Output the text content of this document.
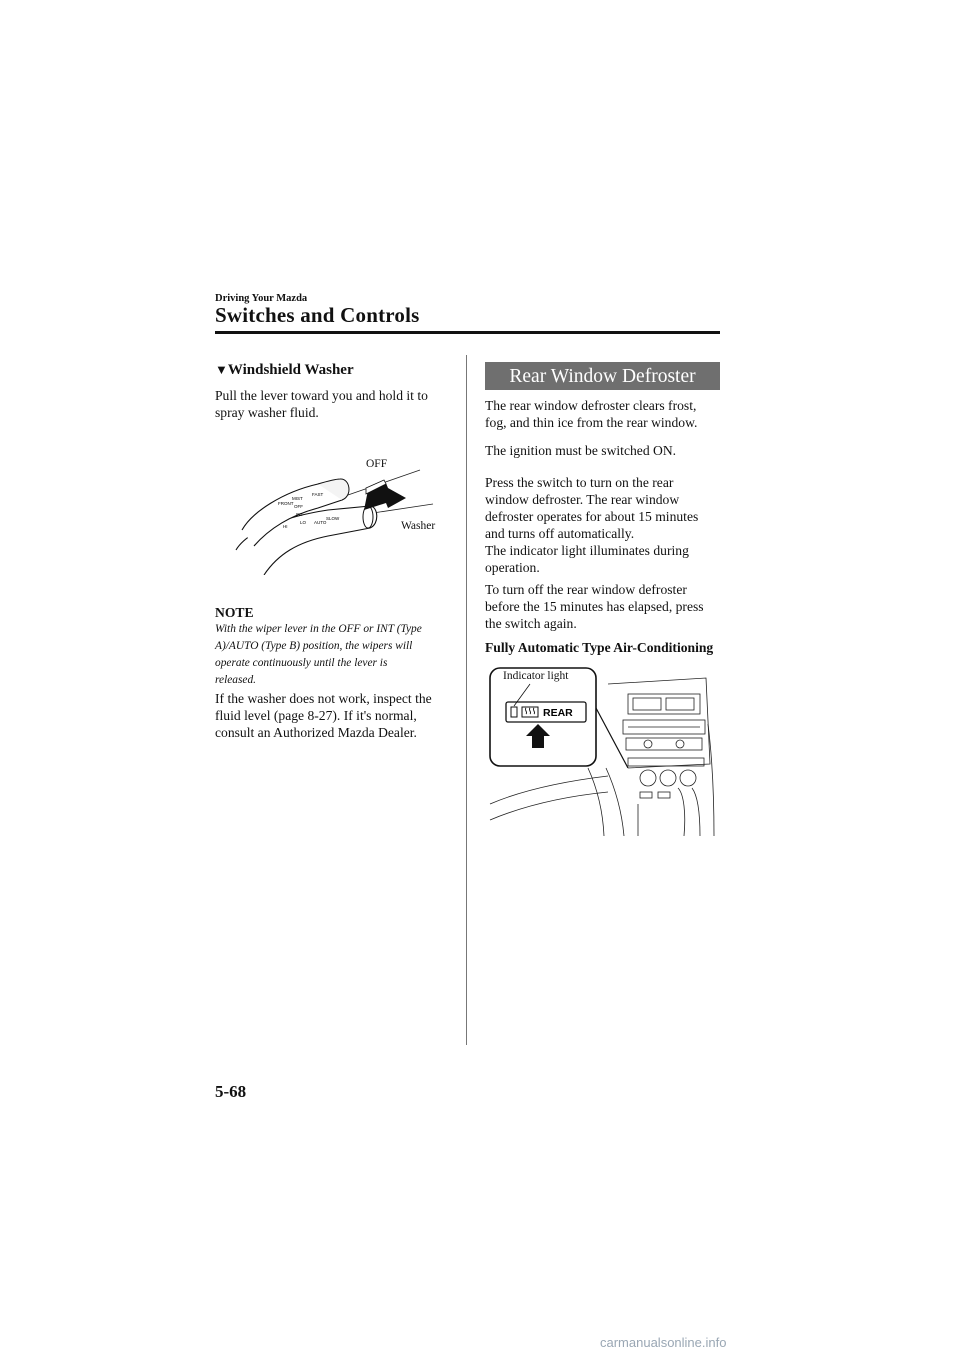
Driving Your Mazda
Switches and Controls
▼Windshield Washer

Pull the lever toward you and hold it to

spray washer fluid.

FRONT
MIST
OFF
INT
LO
HI
AUTO
FAST
SLOW
OFF
Washer
NOTE

With the wiper lever in the OFF or INT (Type

A)/AUTO (Type B) position, the wipers will

operate continuously until the lever is

released.

If the washer does not work, inspect the

fluid level (page 8-27). If it's normal,

consult an Authorized Mazda Dealer.

Rear Window Defroster

The rear window defroster clears frost,

fog, and thin ice from the rear window.

The ignition must be switched ON.

Press the switch to turn on the rear

window defroster. The rear window

defroster operates for about 15 minutes

and turns off automatically.

The indicator light illuminates during

operation.

To turn off the rear window defroster

before the 15 minutes has elapsed, press

the switch again.

Fully Automatic Type Air-Conditioning
REAR
Indicator light
5-68
carmanualsonline.info
